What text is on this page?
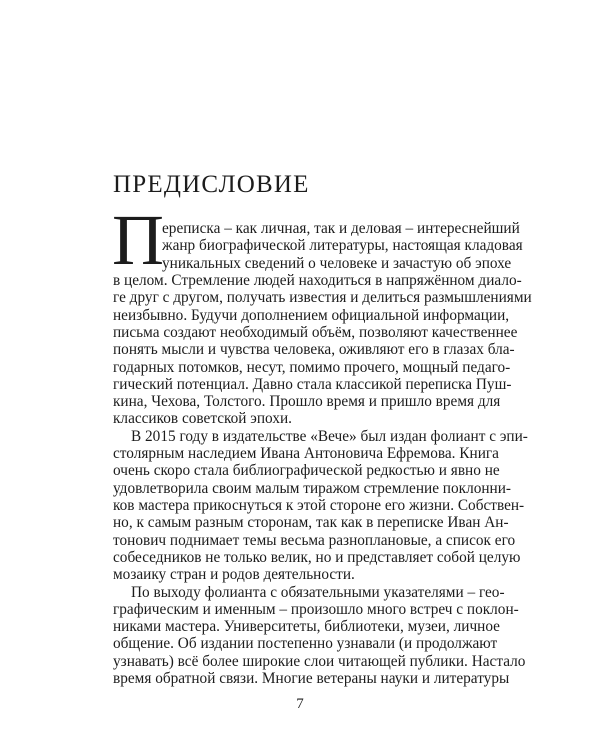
ПРЕДИСЛОВИЕ
П
ереписка – как личная, так и деловая – интереснейший
жанр биографической литературы, настоящая кладовая
уникальных сведений о человеке и зачастую об эпохе
в целом. Стремление людей находиться в напряжённом диало-
ге друг с другом, получать известия и делиться размышлениями
неизбывно. Будучи дополнением официальной информации,
письма создают необходимый объём, позволяют качественнее
понять мысли и чувства человека, оживляют его в глазах бла-
годарных потомков, несут, помимо прочего, мощный педаго-
гический потенциал. Давно стала классикой переписка Пуш-
кина, Чехова, Толстого. Прошло время и пришло время для
классиков советской эпохи.
В 2015 году в издательстве «Вече» был издан фолиант с эпи-
столярным наследием Ивана Антоновича Ефремова. Книга
очень скоро стала библиографической редкостью и явно не
удовлетворила своим малым тиражом стремление поклонни-
ков мастера прикоснуться к этой стороне его жизни. Собствен-
но, к самым разным сторонам, так как в переписке Иван Ан-
тонович поднимает темы весьма разноплановые, а список его
собеседников не только велик, но и представляет собой целую
мозаику стран и родов деятельности.
По выходу фолианта с обязательными указателями – гео-
графическим и именным – произошло много встреч с поклон-
никами мастера. Университеты, библиотеки, музеи, личное
общение. Об издании постепенно узнавали (и продолжают
узнавать) всё более широкие слои читающей публики. Настало
время обратной связи. Многие ветераны науки и литературы
7
